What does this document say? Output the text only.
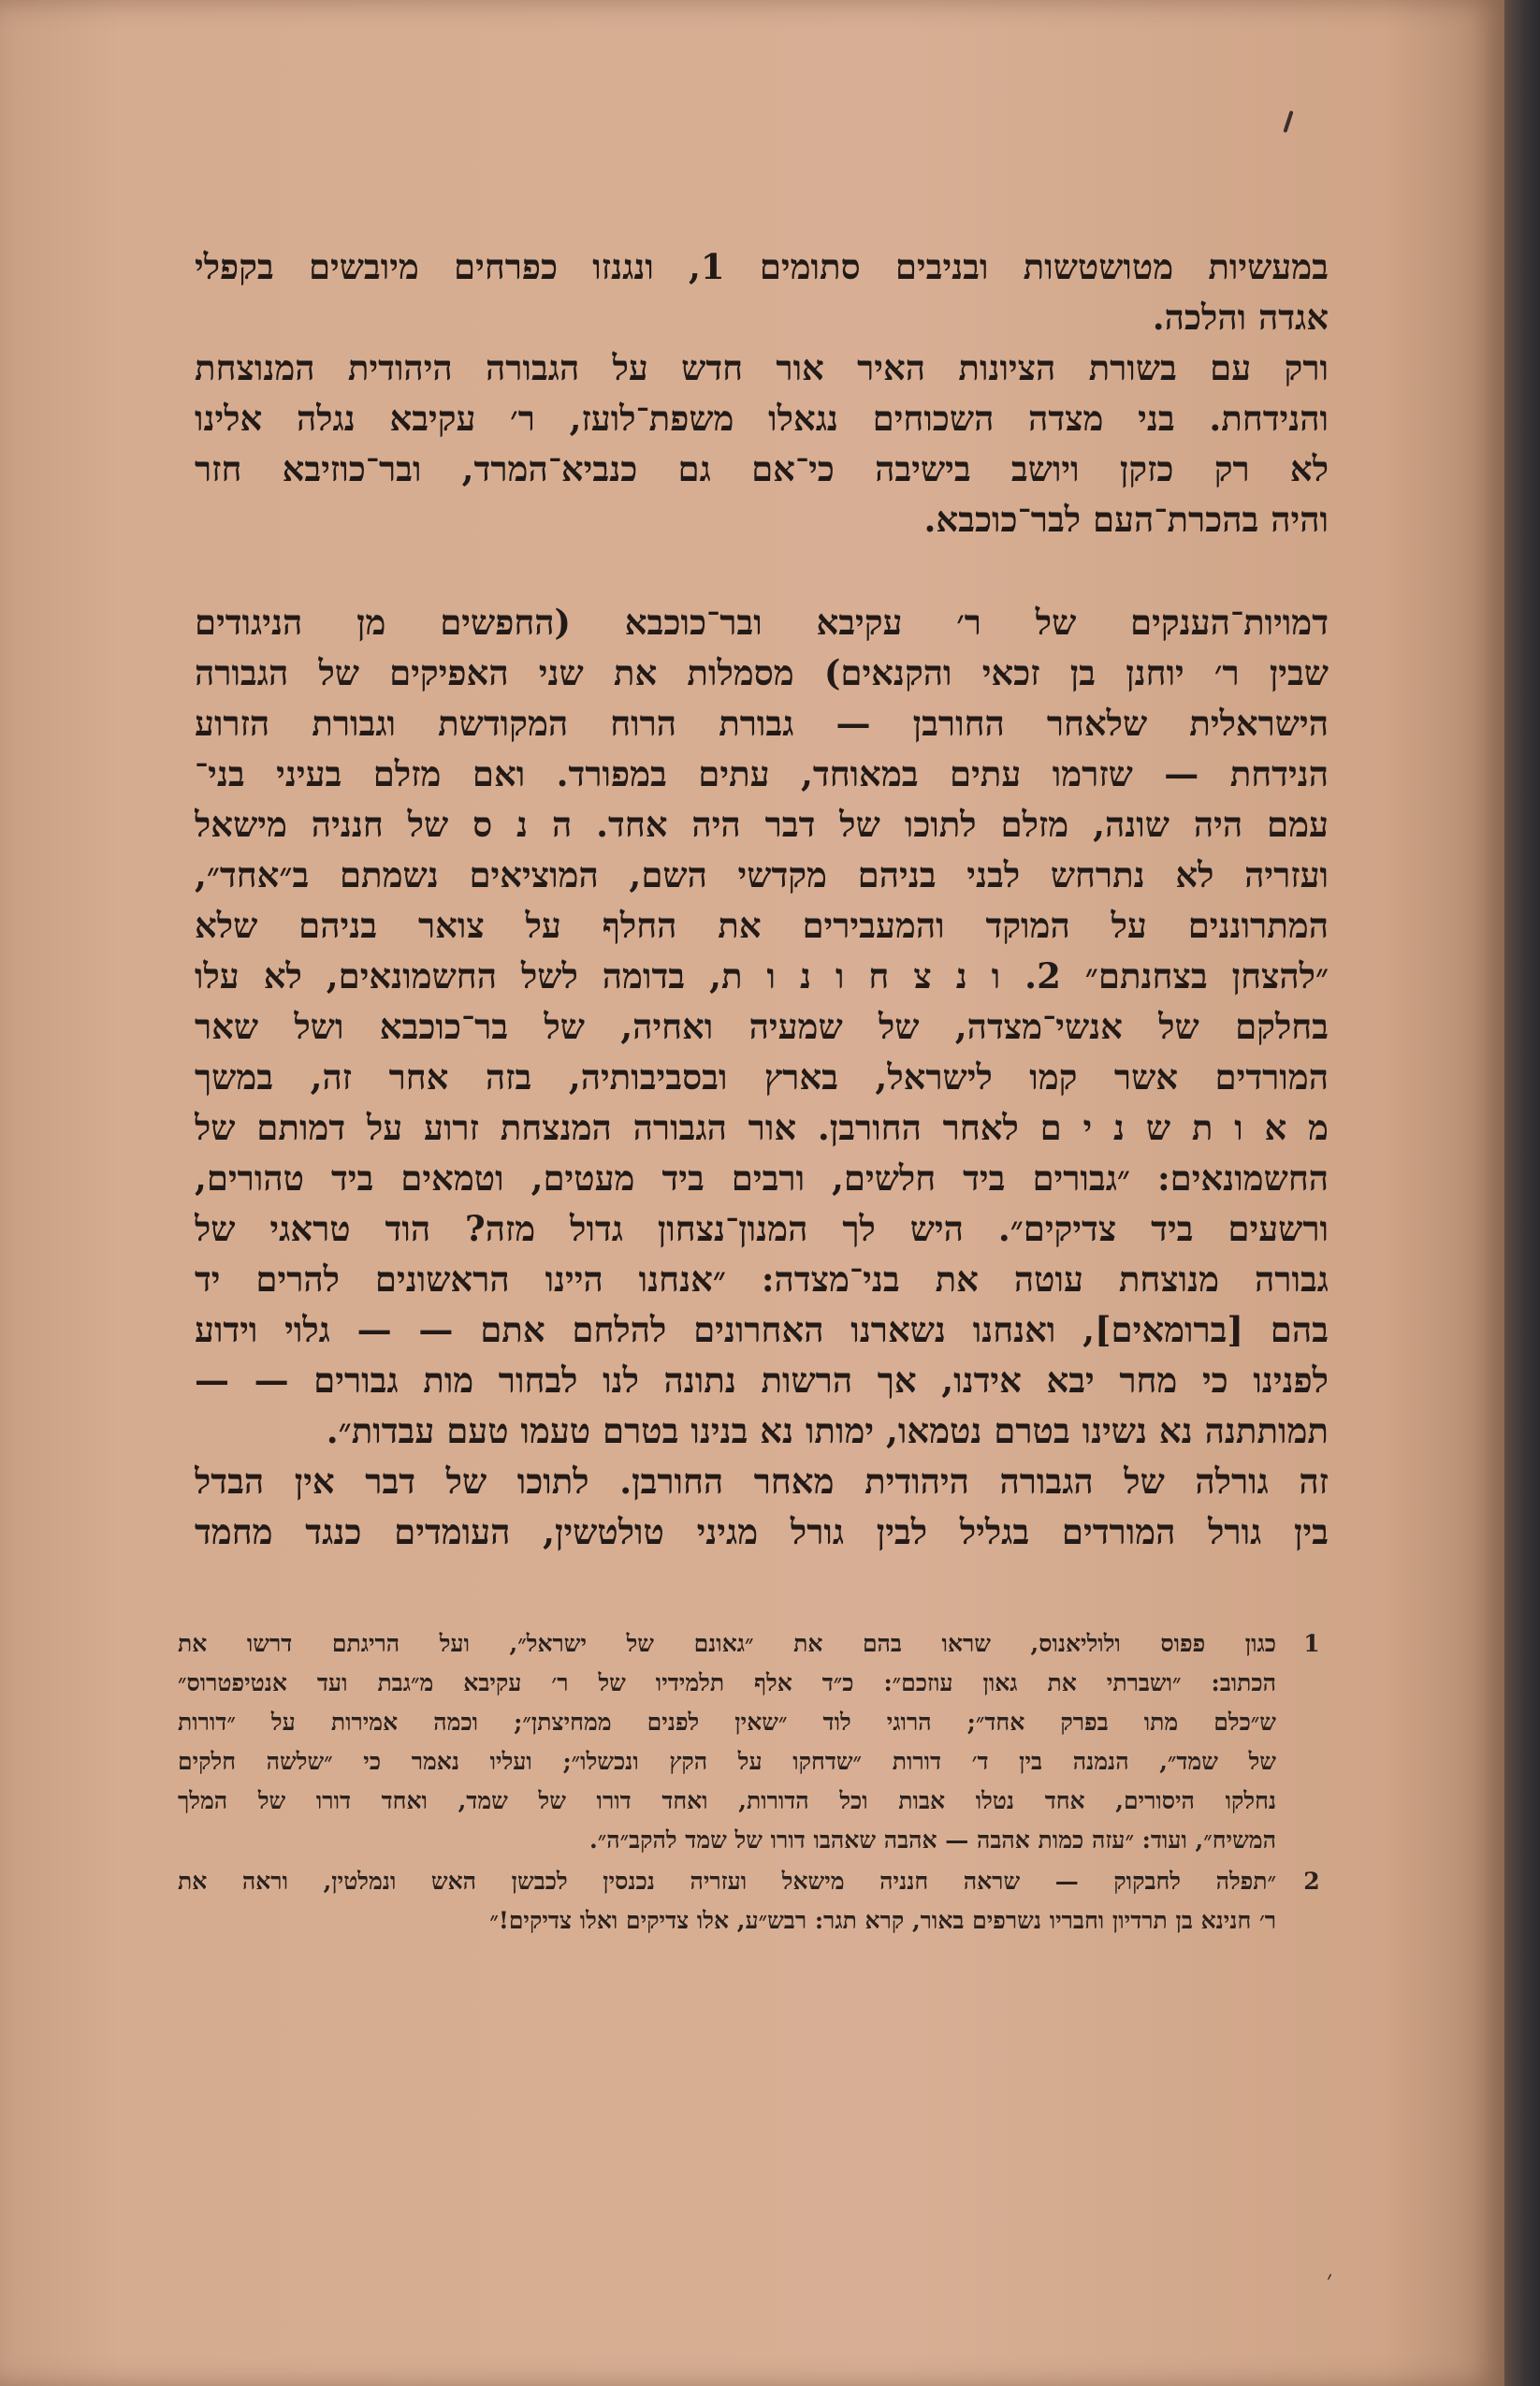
במעשיות מטושטשות ובניבים סתומים 1, ונגנזו כפרחים מיובשים בקפלי
אגדה והלכה.
ורק עם בשורת הציונות האיר אור חדש על הגבורה היהודית המנוצחת
והנידחת. בני מצדה השכוחים נגאלו משפת־לועז, ר׳ עקיבא נגלה אלינו
לא רק כזקן ויושב בישיבה כי־אם גם כנביא־המרד, ובר־כוזיבא חזר
והיה בהכרת־העם לבר־כוכבא.
דמויות־הענקים של ר׳ עקיבא ובר־כוכבא (החפשים מן הניגודים
שבין ר׳ יוחנן בן זכאי והקנאים) מסמלות את שני האפיקים של הגבורה
הישראלית שלאחר החורבן — גבורת הרוח המקודשת וגבורת הזרוע
הנידחת — שזרמו עתים במאוחד, עתים במפורד. ואם מזלם בעיני בני־
עמם היה שונה, מזלם לתוכו של דבר היה אחד. ה נ ס של חנניה מישאל
ועזריה לא נתרחש לבני בניהם מקדשי השם, המוציאים נשמתם ב״אחד״,
המתרוננים על המוקד והמעבירים את החלף על צואר בניהם שלא
״להצחן בצחנתם״ 2. ו נ צ ח ו נ ו ת, בדומה לשל החשמונאים, לא עלו
בחלקם של אנשי־מצדה, של שמעיה ואחיה, של בר־כוכבא ושל שאר
המורדים אשר קמו לישראל, בארץ ובסביבותיה, בזה אחר זה, במשך
מ א ו ת ש נ י ם לאחר החורבן. אור הגבורה המנצחת זרוע על דמותם של
החשמונאים: ״גבורים ביד חלשים, ורבים ביד מעטים, וטמאים ביד טהורים,
ורשעים ביד צדיקים״. היש לך המנון־נצחון גדול מזה? הוד טראגי של
גבורה מנוצחת עוטה את בני־מצדה: ״אנחנו היינו הראשונים להרים יד
בהם [ברומאים], ואנחנו נשארנו האחרונים להלחם אתם — — גלוי וידוע
לפנינו כי מחר יבא אידנו, אך הרשות נתונה לנו לבחור מות גבורים — —
תמותתנה נא נשינו בטרם נטמאו, ימותו נא בנינו בטרם טעמו טעם עבדות״.
זה גורלה של הגבורה היהודית מאחר החורבן. לתוכו של דבר אין הבדל
בין גורל המורדים בגליל לבין גורל מגיני טולטשין, העומדים כנגד מחמד
1
כגון פפוס ולוליאנוס, שראו בהם את ״גאונם של ישראל״, ועל הריגתם דרשו את
הכתוב: ״ושברתי את גאון עוזכם״: כ״ד אלף תלמידיו של ר׳ עקיבא מ״גבת ועד אנטיפטרוס״
ש״כלם מתו בפרק אחד״; הרוגי לוד ״שאין לפנים ממחיצתן״; וכמה אמירות על ״דורות
של שמד״, הנמנה בין ד׳ דורות ״שדחקו על הקץ ונכשלו״; ועליו נאמר כי ״שלשה חלקים
נחלקו היסורים, אחד נטלו אבות וכל הדורות, ואחד דורו של שמד, ואחד דורו של המלך
המשיח״, ועוד: ״עזה כמות אהבה — אהבה שאהבו דורו של שמד להקב״ה״.
2
״תפלה לחבקוק — שראה חנניה מישאל ועזריה נכנסין לכבשן האש ונמלטין, וראה את
ר׳ חנינא בן תרדיון וחבריו נשרפים באור, קרא תגר: רבש״ע, אלו צדיקים ואלו צדיקים!״
׳
